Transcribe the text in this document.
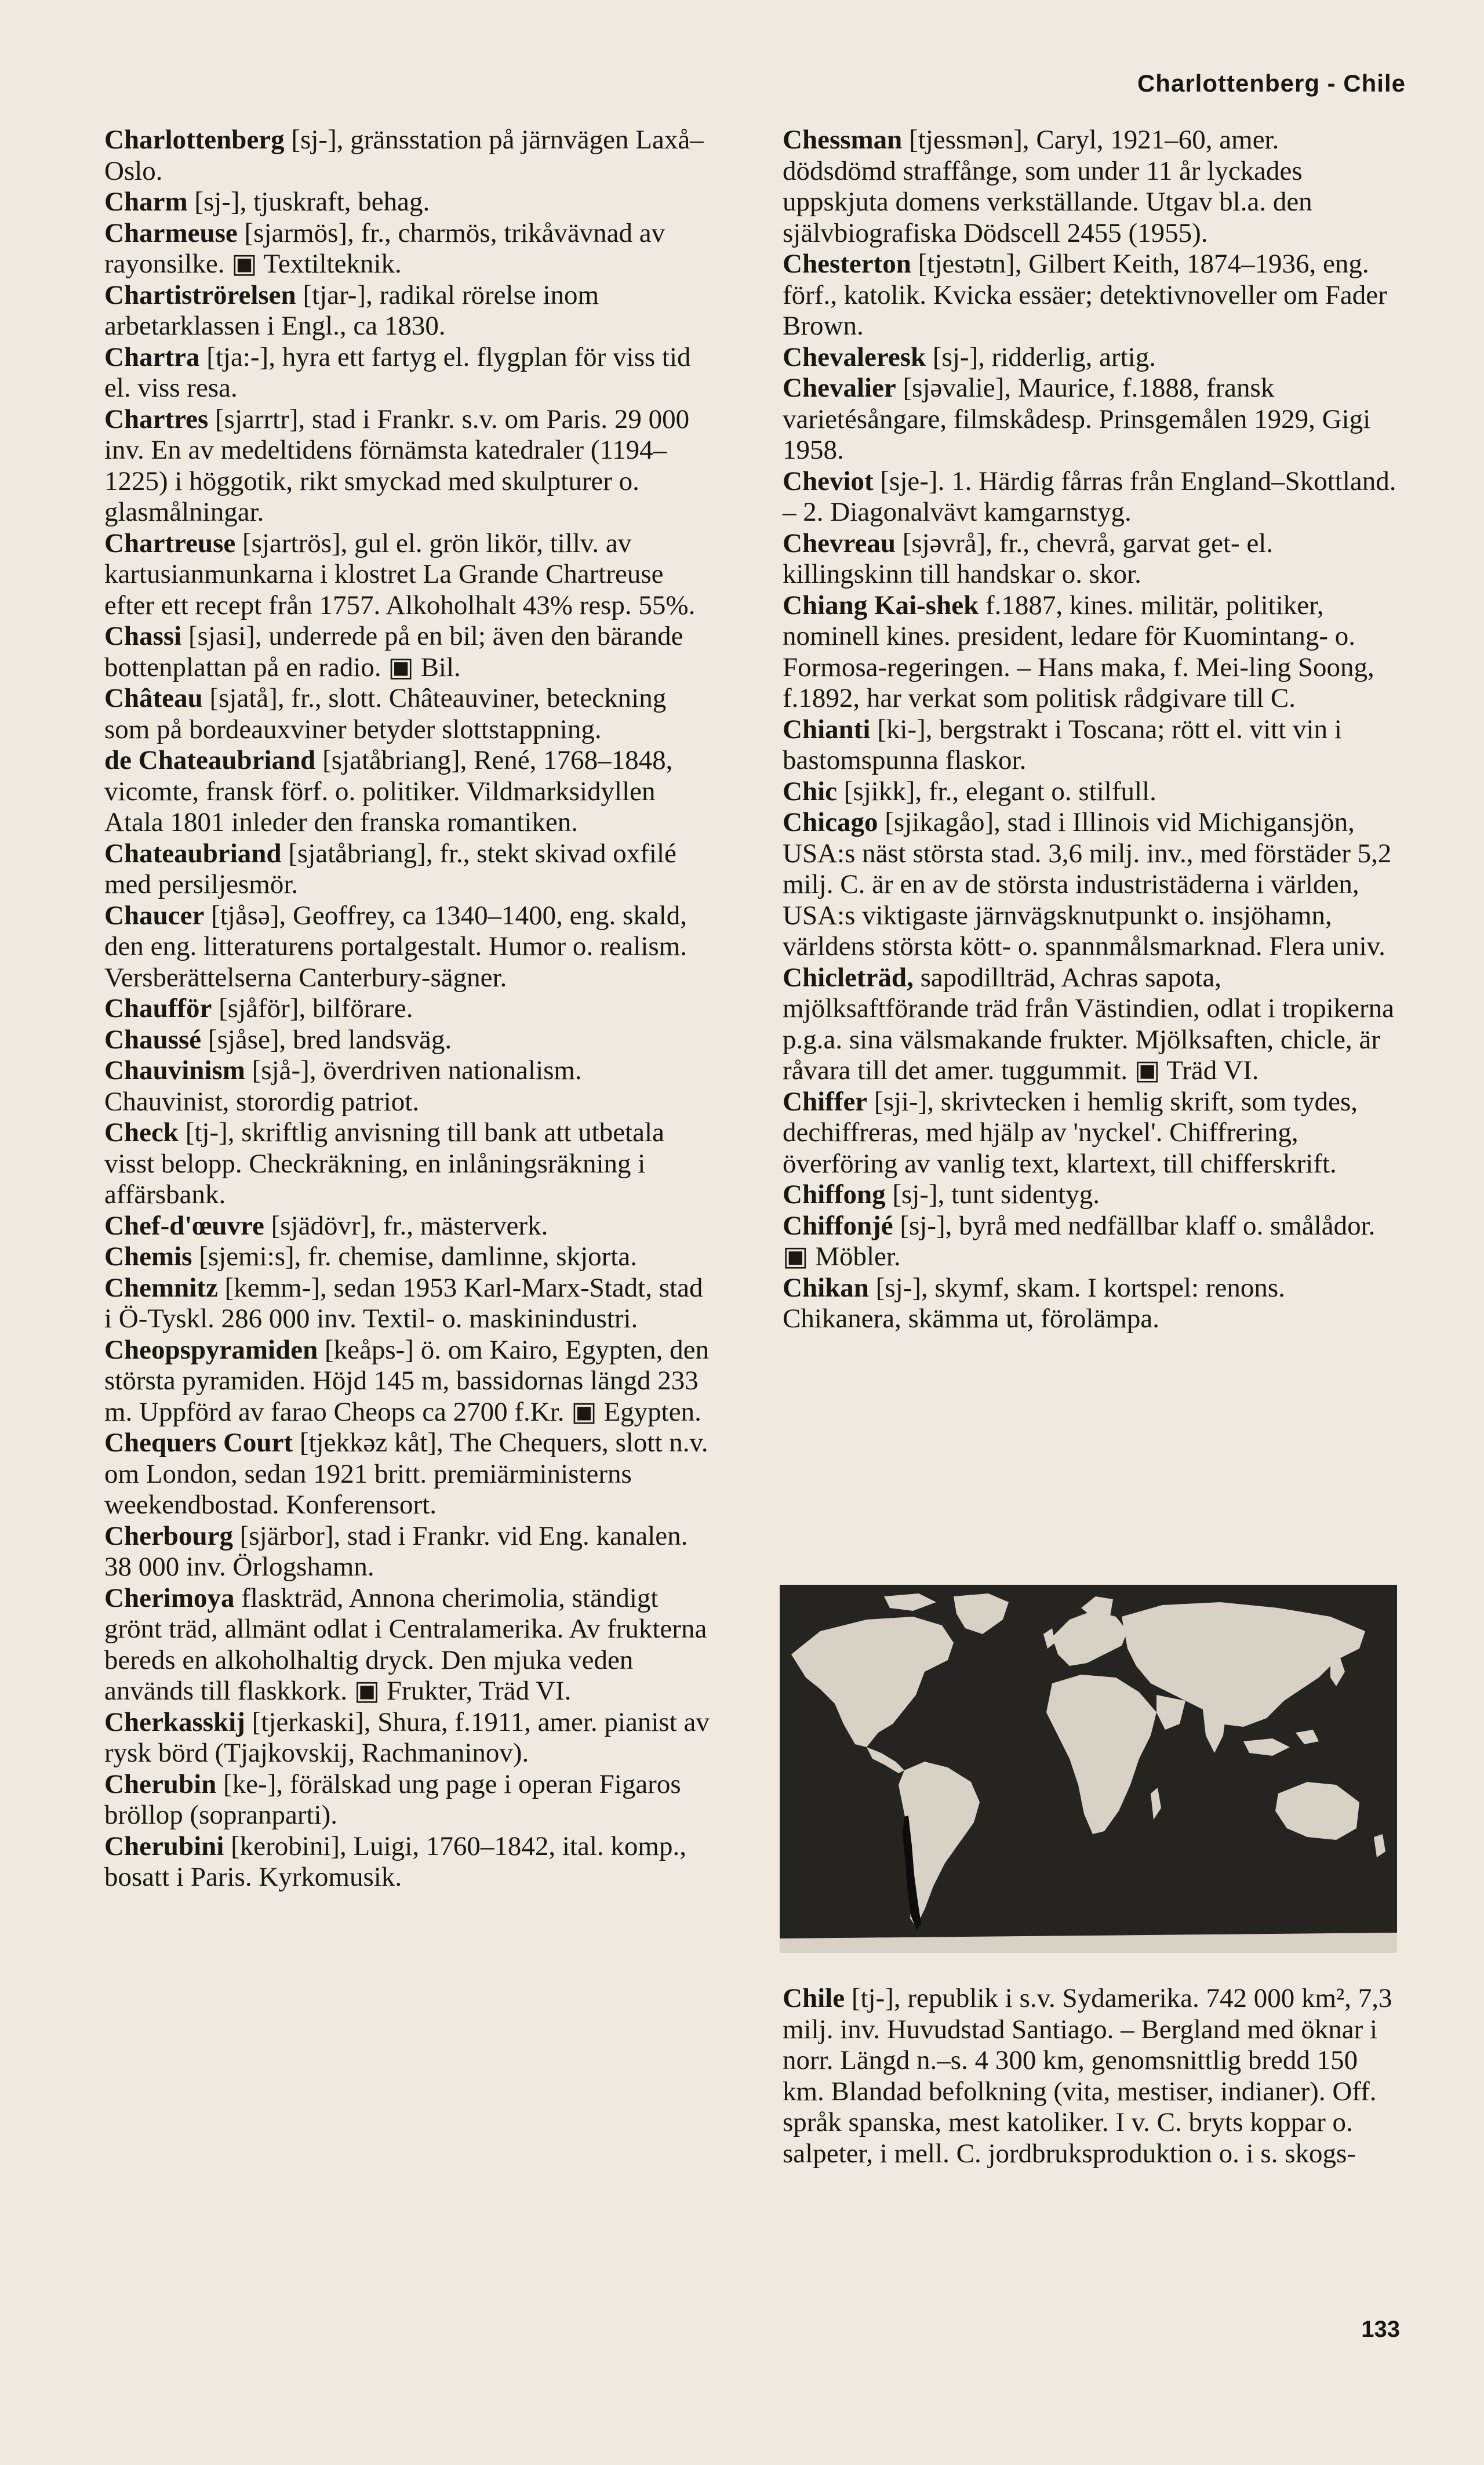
Charlottenberg - Chile

Charlottenberg [sj-], gränsstation på järnvägen Laxå–Oslo.

Charm [sj-], tjuskraft, behag.

Charmeuse [sjarmös], fr., charmös, trikåvävnad av rayonsilke. ▣ Textilteknik.

Chartiströrelsen [tjar-], radikal rörelse inom arbetarklassen i Engl., ca 1830.

Chartra [tja:-], hyra ett fartyg el. flygplan för viss tid el. viss resa.

Chartres [sjarrtr], stad i Frankr. s.v. om Paris. 29 000 inv. En av medeltidens förnämsta katedraler (1194–1225) i höggotik, rikt smyckad med skulpturer o. glasmålningar.

Chartreuse [sjartrös], gul el. grön likör, tillv. av kartusianmunkarna i klostret La Grande Chartreuse efter ett recept från 1757. Alkoholhalt 43% resp. 55%.

Chassi [sjasi], underrede på en bil; även den bärande bottenplattan på en radio. ▣ Bil.

Château [sjatå], fr., slott. Châteauviner, beteckning som på bordeauxviner betyder slottstappning.

de Chateaubriand [sjatåbriang], René, 1768–1848, vicomte, fransk förf. o. politiker. Vildmarksidyllen Atala 1801 inleder den franska romantiken.

Chateaubriand [sjatåbriang], fr., stekt skivad oxfilé med persiljesmör.

Chaucer [tjåsə], Geoffrey, ca 1340–1400, eng. skald, den eng. litteraturens portalgestalt. Humor o. realism. Versberättelserna Canterbury-sägner.

Chaufför [sjåför], bilförare.

Chaussé [sjåse], bred landsväg.

Chauvinism [sjå-], överdriven nationalism. Chauvinist, storordig patriot.

Check [tj-], skriftlig anvisning till bank att utbetala visst belopp. Checkräkning, en inlåningsräkning i affärsbank.

Chef-d'œuvre [sjädövr], fr., mästerverk.

Chemis [sjemi:s], fr. chemise, damlinne, skjorta.

Chemnitz [kemm-], sedan 1953 Karl-Marx-Stadt, stad i Ö-Tyskl. 286 000 inv. Textil- o. maskinindustri.

Cheopspyramiden [keåps-] ö. om Kairo, Egypten, den största pyramiden. Höjd 145 m, bassidornas längd 233 m. Uppförd av farao Cheops ca 2700 f.Kr. ▣ Egypten.

Chequers Court [tjekkəz kåt], The Chequers, slott n.v. om London, sedan 1921 britt. premiärministerns weekendbostad. Konferensort.

Cherbourg [sjärbor], stad i Frankr. vid Eng. kanalen. 38 000 inv. Örlogshamn.

Cherimoya flaskträd, Annona cherimolia, ständigt grönt träd, allmänt odlat i Centralamerika. Av frukterna bereds en alkoholhaltig dryck. Den mjuka veden används till flaskkork. ▣ Frukter, Träd VI.

Cherkasskij [tjerkaski], Shura, f.1911, amer. pianist av rysk börd (Tjajkovskij, Rachmaninov).

Cherubin [ke-], förälskad ung page i operan Figaros bröllop (sopranparti).

Cherubini [kerobini], Luigi, 1760–1842, ital. komp., bosatt i Paris. Kyrkomusik.

Chessman [tjessmən], Caryl, 1921–60, amer. dödsdömd straffånge, som under 11 år lyckades uppskjuta domens verkställande. Utgav bl.a. den självbiografiska Dödscell 2455 (1955).

Chesterton [tjestətn], Gilbert Keith, 1874–1936, eng. förf., katolik. Kvicka essäer; detektivnoveller om Fader Brown.

Chevaleresk [sj-], ridderlig, artig.

Chevalier [sjəvalie], Maurice, f.1888, fransk varietésångare, filmskådesp. Prinsgemålen 1929, Gigi 1958.

Cheviot [sje-]. 1. Härdig fårras från England–Skottland. – 2. Diagonalvävt kamgarnstyg.

Chevreau [sjəvrå], fr., chevrå, garvat get- el. killingskinn till handskar o. skor.

Chiang Kai-shek f.1887, kines. militär, politiker, nominell kines. president, ledare för Kuomintang- o. Formosa-regeringen. – Hans maka, f. Mei-ling Soong, f.1892, har verkat som politisk rådgivare till C.

Chianti [ki-], bergstrakt i Toscana; rött el. vitt vin i bastomspunna flaskor.

Chic [sjikk], fr., elegant o. stilfull.

Chicago [sjikagåo], stad i Illinois vid Michigansjön, USA:s näst största stad. 3,6 milj. inv., med förstäder 5,2 milj. C. är en av de största industristäderna i världen, USA:s viktigaste järnvägsknutpunkt o. insjöhamn, världens största kött- o. spannmålsmarknad. Flera univ.

Chicleträd, sapodillträd, Achras sapota, mjölksaftförande träd från Västindien, odlat i tropikerna p.g.a. sina välsmakande frukter. Mjölksaften, chicle, är råvara till det amer. tuggummit. ▣ Träd VI.

Chiffer [sji-], skrivtecken i hemlig skrift, som tydes, dechiffreras, med hjälp av 'nyckel'. Chiffrering, överföring av vanlig text, klartext, till chifferskrift.

Chiffong [sj-], tunt sidentyg.

Chiffonjé [sj-], byrå med nedfällbar klaff o. smålådor. ▣ Möbler.

Chikan [sj-], skymf, skam. I kortspel: renons. Chikanera, skämma ut, förolämpa.

Chile [tj-], republik i s.v. Sydamerika. 742 000 km², 7,3 milj. inv. Huvudstad Santiago. – Bergland med öknar i norr. Längd n.–s. 4 300 km, genomsnittlig bredd 150 km. Blandad befolkning (vita, mestiser, indianer). Off. språk spanska, mest katoliker. I v. C. bryts koppar o. salpeter, i mell. C. jordbruksproduktion o. i s. skogs-

133
